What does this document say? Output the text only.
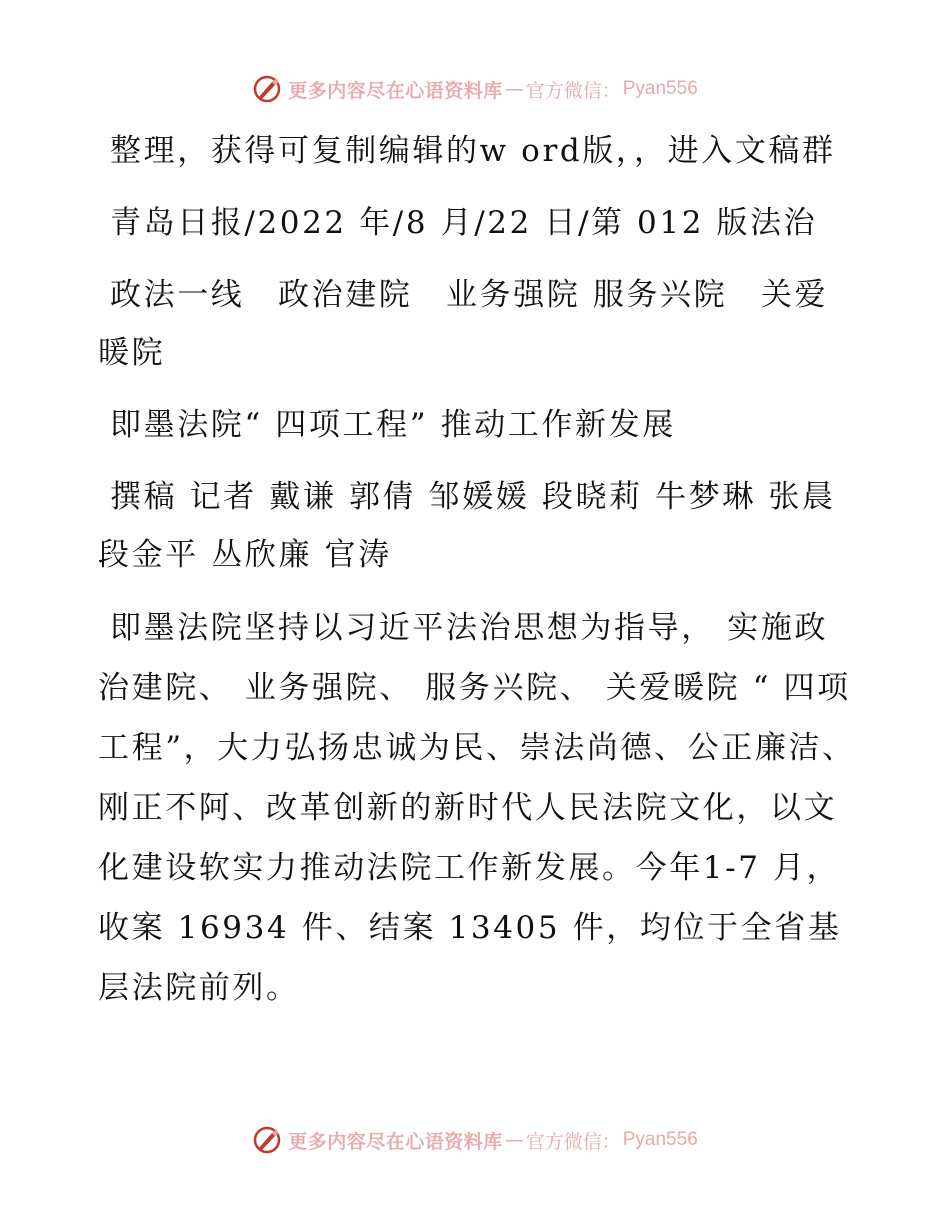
更多内容尽在心语资料库 — 官方微信： Pyan556

整理，获得可复制编辑的w ord版，，进入文稿群

青岛日报/2022 年/8 月/22 日/第 012 版法治

政法一线　政治建院　业务强院 服务兴院　关爱暖院

即墨法院“ 四项工程” 推动工作新发展

撰稿 记者 戴谦 郭倩 邹媛媛 段晓莉 牛梦琳 张晨 段金平 丛欣廉 官涛

即墨法院坚持以习近平法治思想为指导， 实施政治建院、 业务强院、 服务兴院、 关爱暖院 “ 四项工程”，大力弘扬忠诚为民、崇法尚德、公正廉洁、刚正不阿、改革创新的新时代人民法院文化，以文化建设软实力推动法院工作新发展。今年1-7 月，收案 16934 件、结案 13405 件，均位于全省基层法院前列。

更多内容尽在心语资料库 — 官方微信： Pyan556
